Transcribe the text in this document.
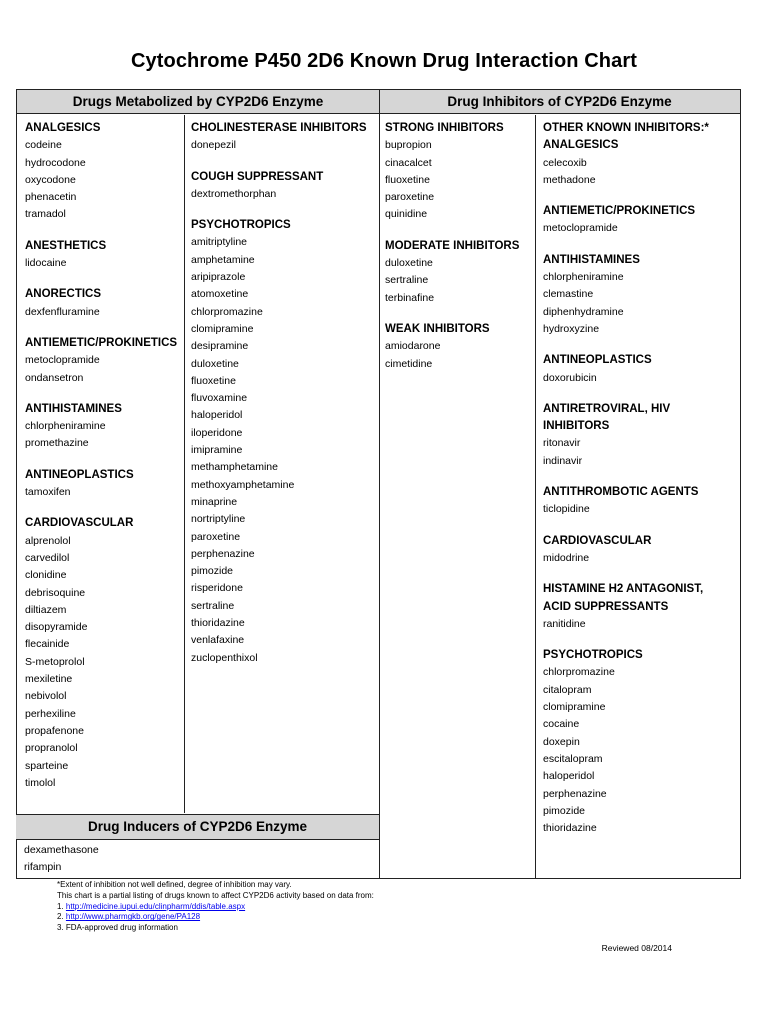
Cytochrome P450 2D6 Known Drug Interaction Chart
Drugs Metabolized by CYP2D6 Enzyme	Drug Inhibitors of CYP2D6 Enzyme
ANALGESICS
codeine
hydrocodone
oxycodone
phenacetin
tramadol
ANESTHETICS
lidocaine
ANORECTICS
dexfenfluramine
ANTIEMETIC/PROKINETICS
metoclopramide
ondansetron
ANTIHISTAMINES
chlorpheniramine
promethazine
ANTINEOPLASTICS
tamoxifen
CARDIOVASCULAR
alprenolol
carvedilol
clonidine
debrisoquine
diltiazem
disopyramide
flecainide
S-metoprolol
mexiletine
nebivolol
perhexiline
propafenone
propranolol
sparteine
timolol
CHOLINESTERASE INHIBITORS
donepezil
COUGH SUPPRESSANT
dextromethorphan
PSYCHOTROPICS
amitriptyline
amphetamine
aripiprazole
atomoxetine
chlorpromazine
clomipramine
desipramine
duloxetine
fluoxetine
fluvoxamine
haloperidol
iloperidone
imipramine
methamphetamine
methoxyamphetamine
minaprine
nortriptyline
paroxetine
perphenazine
pimozide
risperidone
sertraline
thioridazine
venlafaxine
zuclopenthixol
STRONG INHIBITORS
bupropion
cinacalcet
fluoxetine
paroxetine
quinidine
MODERATE INHIBITORS
duloxetine
sertraline
terbinafine
WEAK INHIBITORS
amiodarone
cimetidine
OTHER KNOWN INHIBITORS:*
ANALGESICS
celecoxib
methadone
ANTIEMETIC/PROKINETICS
metoclopramide
ANTIHISTAMINES
chlorpheniramine
clemastine
diphenhydramine
hydroxyzine
ANTINEOPLASTICS
doxorubicin
ANTIRETROVIRAL, HIV
INHIBITORS
ritonavir
indinavir
ANTITHROMBOTIC AGENTS
ticlopidine
CARDIOVASCULAR
midodrine
HISTAMINE H2 ANTAGONIST,
ACID SUPPRESSANTS
ranitidine
PSYCHOTROPICS
chlorpromazine
citalopram
clomipramine
cocaine
doxepin
escitalopram
haloperidol
perphenazine
pimozide
thioridazine
Drug Inducers of CYP2D6 Enzyme
dexamethasone
rifampin
*Extent of inhibition not well defined, degree of inhibition may vary.
This chart is a partial listing of drugs known to affect CYP2D6 activity based on data from:
1. http://medicine.iupui.edu/clinpharm/ddis/table.aspx
2. http://www.pharmgkb.org/gene/PA128
3. FDA-approved drug information
Reviewed 08/2014
